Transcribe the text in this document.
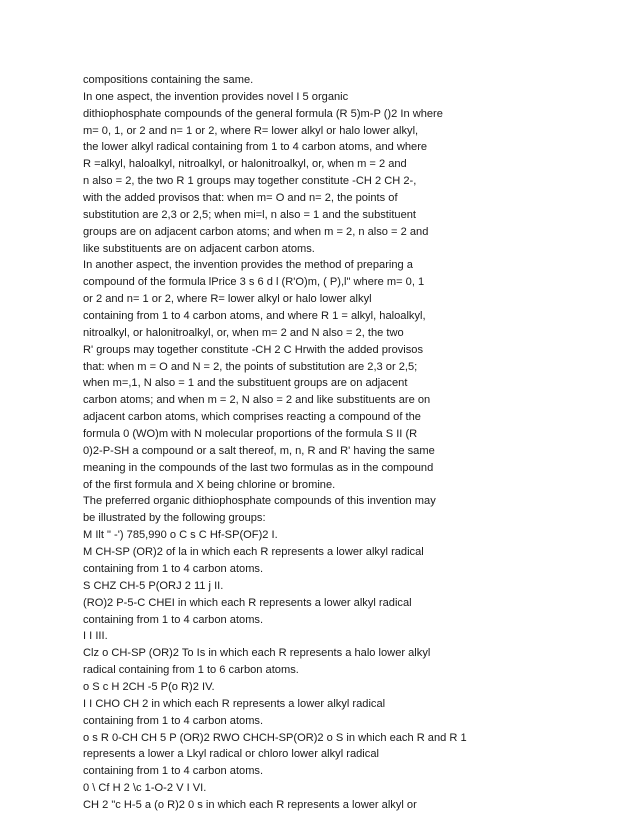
compositions containing the same.
In one aspect, the invention provides novel I 5 organic
dithiophosphate compounds of the general formula (R 5)m-P ()2 In where
m= 0, 1, or 2 and n= 1 or 2, where R= lower alkyl or halo lower alkyl,
the lower alkyl radical containing from 1 to 4 carbon atoms, and where
R =alkyl, haloalkyl, nitroalkyl, or halonitroalkyl, or, when m = 2 and
n also = 2, the two R 1 groups may together constitute -CH 2 CH 2-,
with the added provisos that: when m= O and n= 2, the points of
substitution are 2,3 or 2,5; when mi=l, n also = 1 and the substituent
groups are on adjacent carbon atoms; and when m = 2, n also = 2 and
like substituents are on adjacent carbon atoms.
In another aspect, the invention provides the method of preparing a
compound of the formula lPrice 3 s 6 d l (R'O)m, ( P),l" where m= 0, 1
or 2 and n= 1 or 2, where R= lower alkyl or halo lower alkyl
containing from 1 to 4 carbon atoms, and where R 1 = alkyl, haloalkyl,
nitroalkyl, or halonitroalkyl, or, when m= 2 and N also = 2, the two
R' groups may together constitute -CH 2 C Hrwith the added provisos
that: when m = O and N = 2, the points of substitution are 2,3 or 2,5;
when m=,1, N also = 1 and the substituent groups are on adjacent
carbon atoms; and when m = 2, N also = 2 and like substituents are on
adjacent carbon atoms, which comprises reacting a compound of the
formula 0 (WO)m with N molecular proportions of the formula S II (R
0)2-P-SH a compound or a salt thereof, m, n, R and R' having the same
meaning in the compounds of the last two formulas as in the compound
of the first formula and X being chlorine or bromine.
The preferred organic dithiophosphate compounds of this invention may
be illustrated by the following groups:
M Ilt " -') 785,990 o C s C Hf-SP(OF)2 I.
M CH-SP (OR)2 of la in which each R represents a lower alkyl radical
containing from 1 to 4 carbon atoms.
S CHZ CH-5 P(ORJ 2 11 j II.
(RO)2 P-5-C CHEI in which each R represents a lower alkyl radical
containing from 1 to 4 carbon atoms.
I I III.
Clz o CH-SP (OR)2 To Is in which each R represents a halo lower alkyl
radical containing from 1 to 6 carbon atoms.
o S c H 2CH -5 P(o R)2 IV.
I I CHO CH 2 in which each R represents a lower alkyl radical
containing from 1 to 4 carbon atoms.
o s R 0-CH CH 5 P (OR)2 RWO CHCH-SP(OR)2 o S in which each R and R 1
represents a lower a Lkyl radical or chloro lower alkyl radical
containing from 1 to 4 carbon atoms.
0 \ Cf H 2 \c 1-O-2 V I VI.
CH 2 "c H-5 a (o R)2 0 s in which each R represents a lower alkyl or
